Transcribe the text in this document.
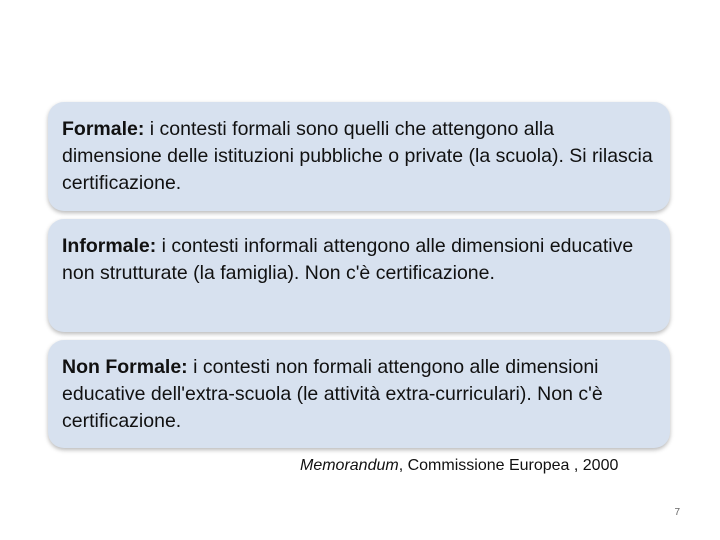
Formale: i contesti formali sono quelli che attengono alla dimensione delle istituzioni pubbliche o private (la scuola). Si rilascia certificazione.
Informale: i contesti informali attengono alle dimensioni educative non strutturate (la famiglia). Non c'è certificazione.
Non Formale: i contesti non formali attengono alle dimensioni educative dell'extra-scuola (le attività extra-curriculari). Non c'è certificazione.
Memorandum, Commissione Europea , 2000
7
